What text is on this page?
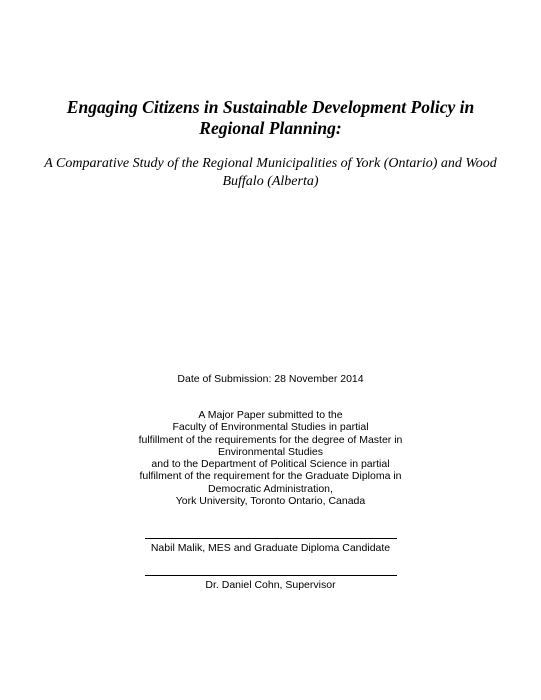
Engaging Citizens in Sustainable Development Policy in Regional Planning:
A Comparative Study of the Regional Municipalities of York (Ontario) and Wood Buffalo (Alberta)
Date of Submission: 28 November 2014
A Major Paper submitted to the
Faculty of Environmental Studies in partial
fulfillment of the requirements for the degree of Master in
Environmental Studies
and to the Department of Political Science in partial
fulfilment of the requirement for the Graduate Diploma in
Democratic Administration,
York University, Toronto Ontario, Canada
Nabil Malik, MES and Graduate Diploma Candidate
Dr. Daniel Cohn, Supervisor
